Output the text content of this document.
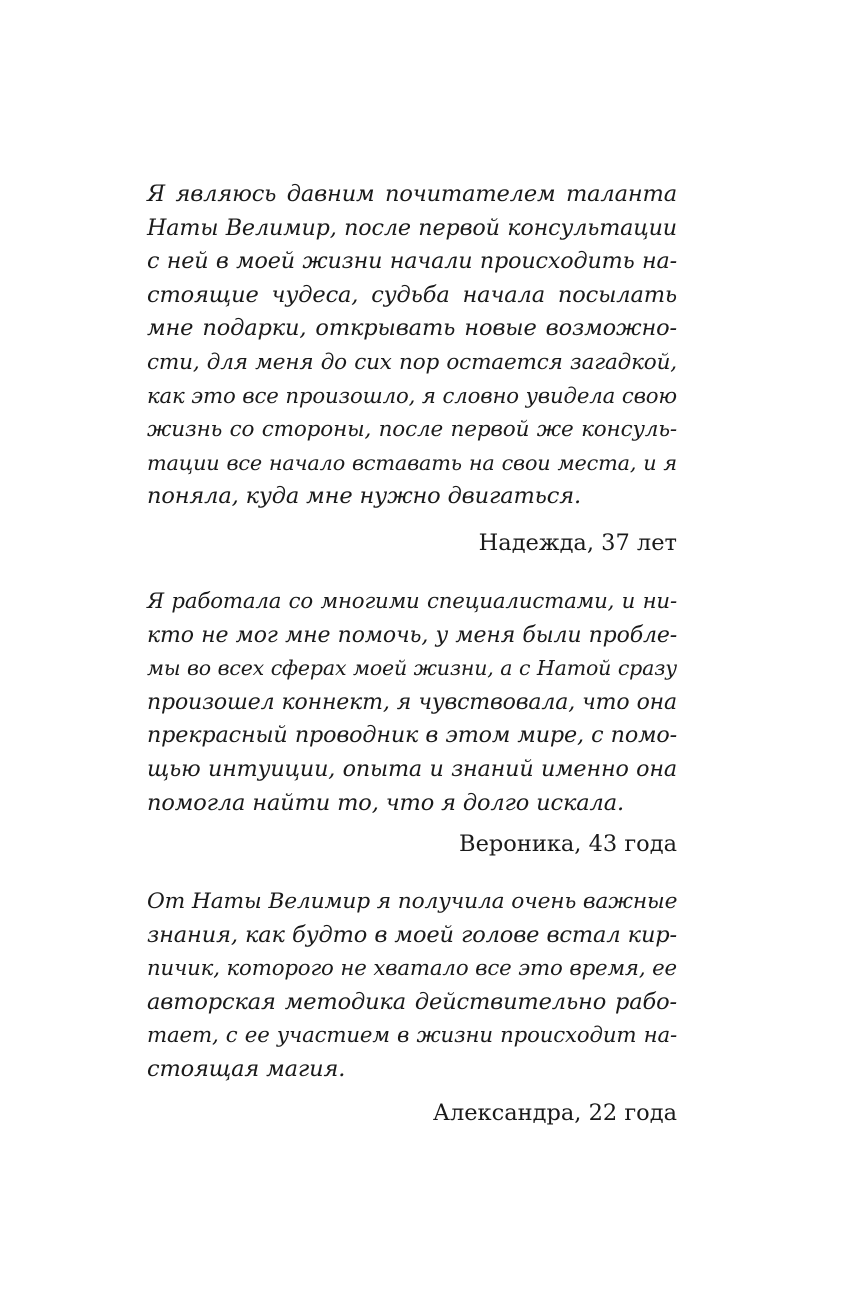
Я являюсь давним почитателем таланта
Наты Велимир, после первой консультации
с ней в моей жизни начали происходить на-
стоящие чудеса, судьба начала посылать
мне подарки, открывать новые возможно-
сти, для меня до сих пор остается загадкой,
как это все произошло, я словно увидела свою
жизнь со стороны, после первой же консуль-
тации все начало вставать на свои места, и я
поняла, куда мне нужно двигаться.
Надежда, 37 лет
Я работала со многими специалистами, и ни-
кто не мог мне помочь, у меня были пробле-
мы во всех сферах моей жизни, а с Натой сразу
произошел коннект, я чувствовала, что она
прекрасный проводник в этом мире, с помо-
щью интуиции, опыта и знаний именно она
помогла найти то, что я долго искала.
Вероника, 43 года
От Наты Велимир я получила очень важные
знания, как будто в моей голове встал кир-
пичик, которого не хватало все это время, ее
авторская методика действительно рабо-
тает, с ее участием в жизни происходит на-
стоящая магия.
Александра, 22 года
